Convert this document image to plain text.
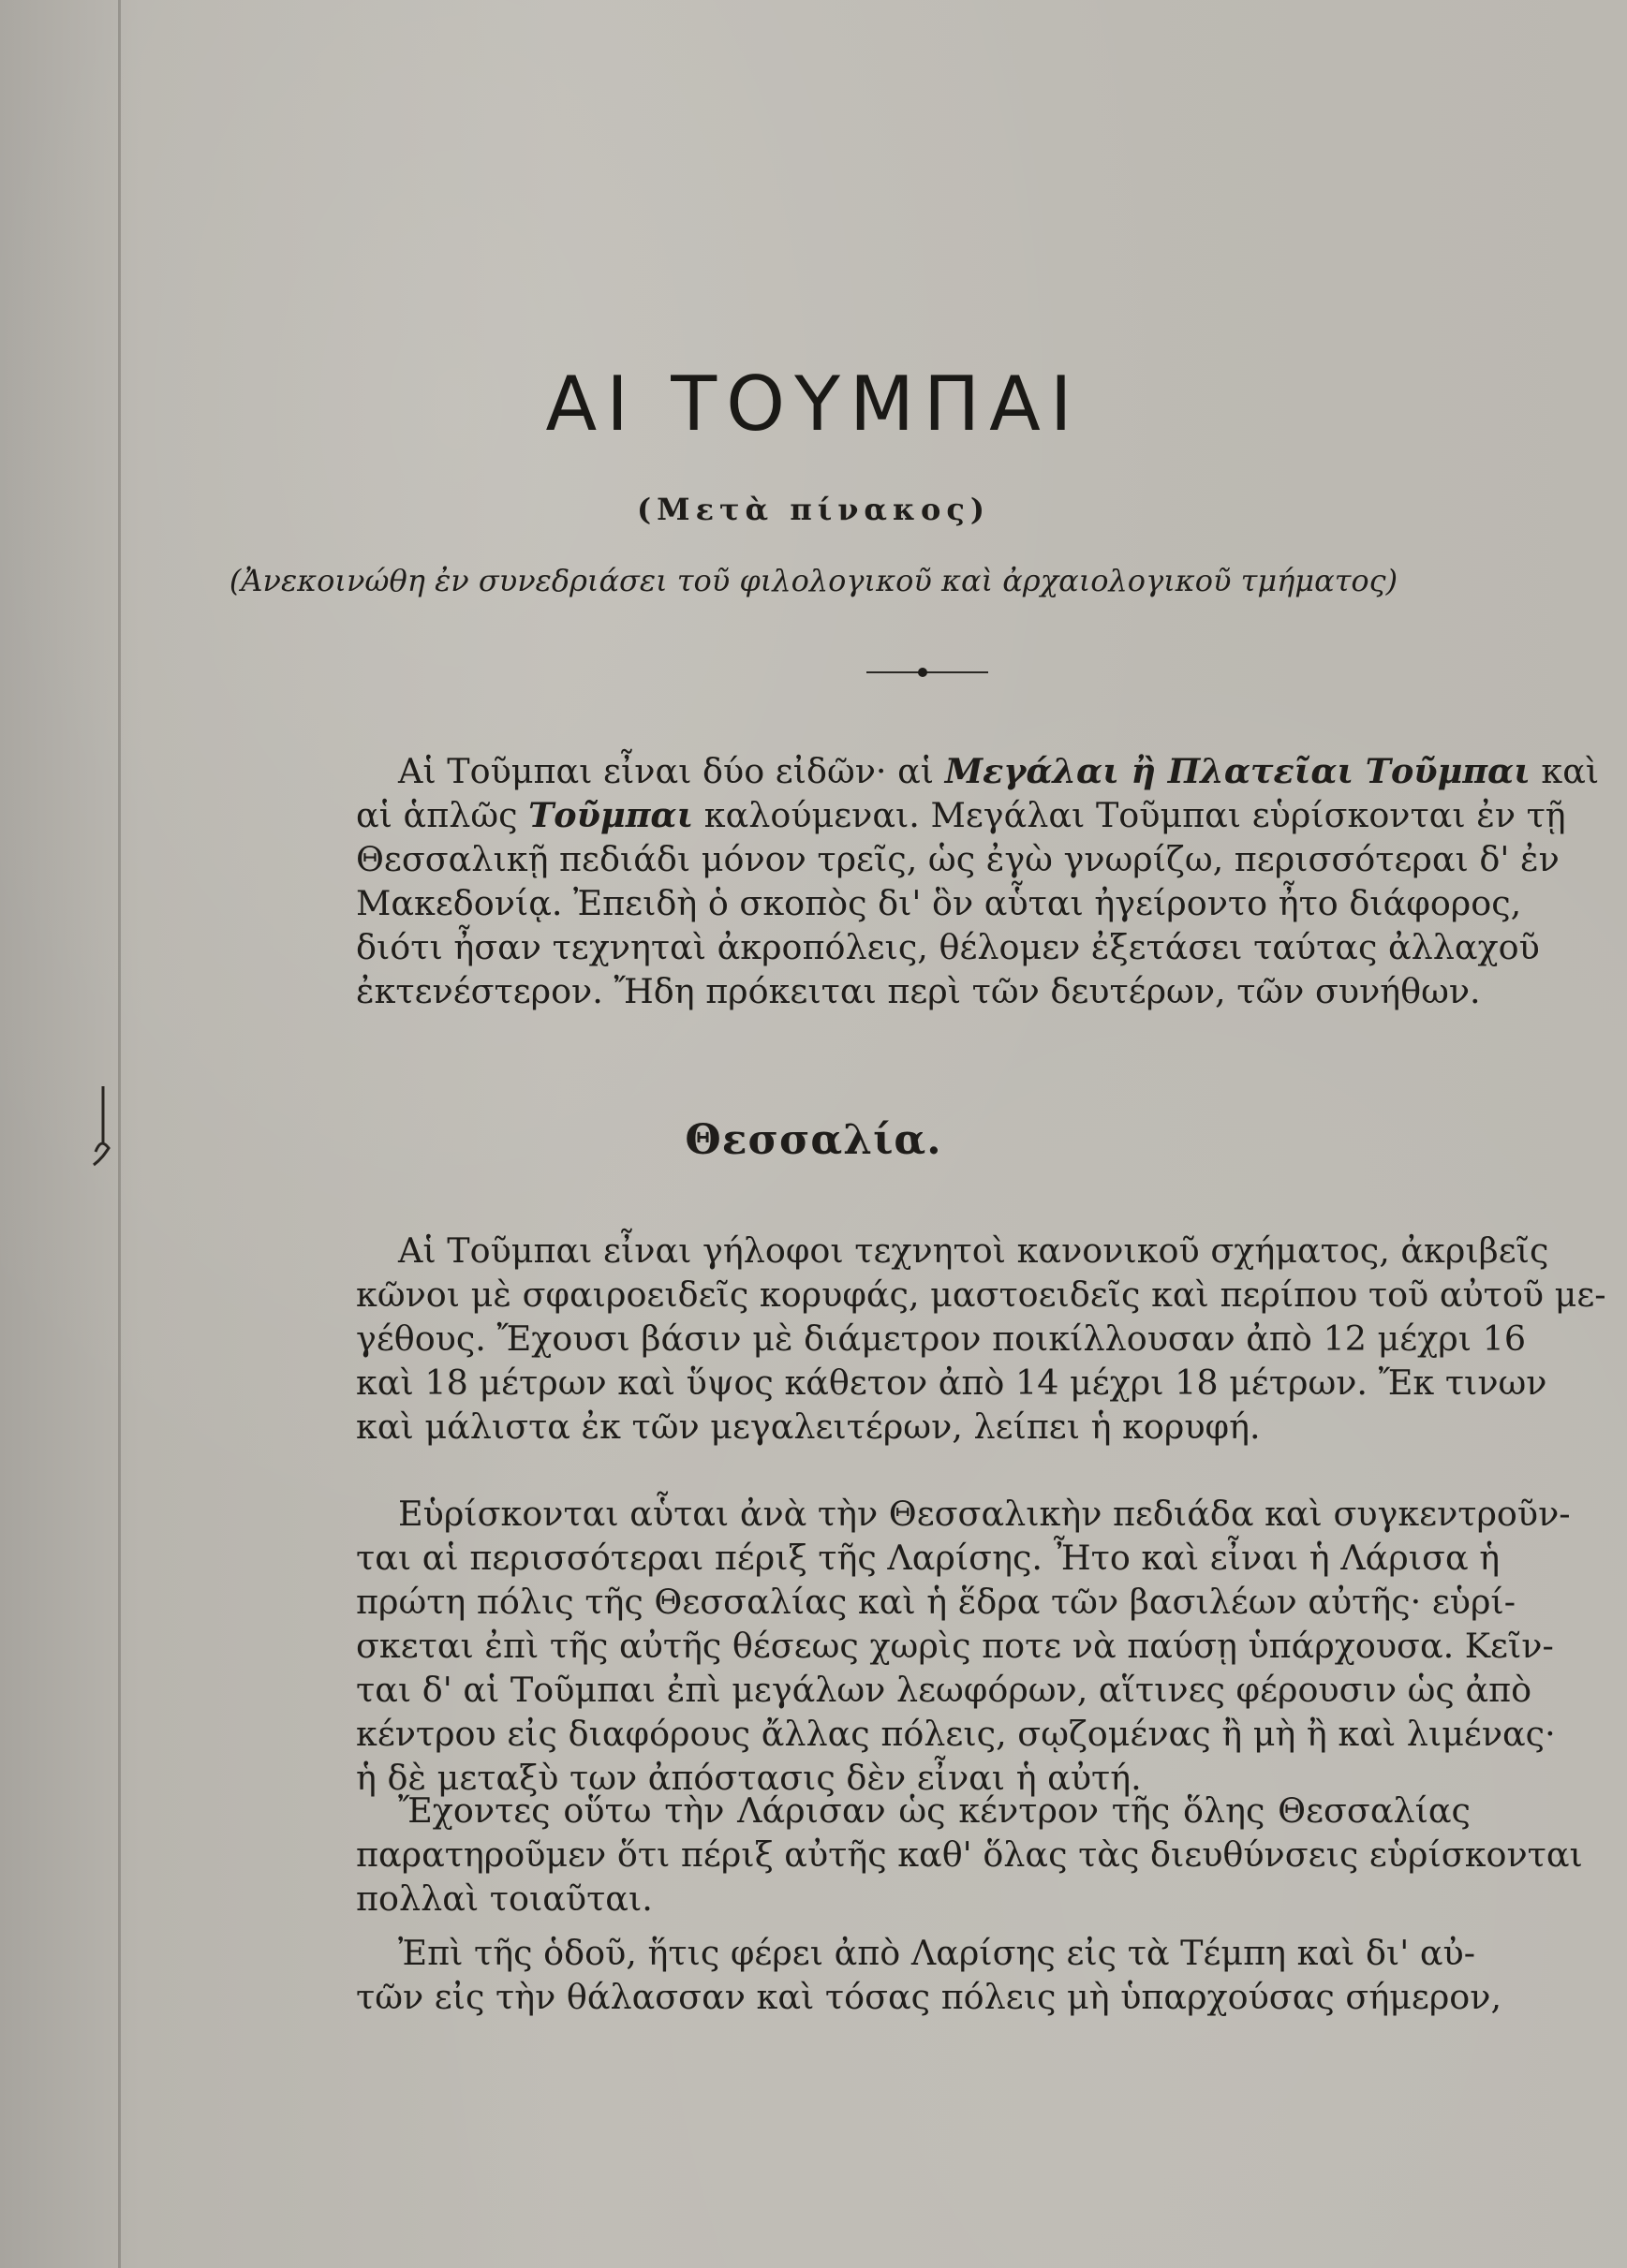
ΑΙ ΤΟΥΜΠΑΙ
(Μετὰ πίνακος)
(Ἀνεκοινώθη ἐν συνεδριάσει τοῦ φιλολογικοῦ καὶ ἀρχαιολογικοῦ τμήματος)
Αἱ Τοῦμπαι εἶναι δύο εἰδῶν· αἱ Μεγάλαι ἢ Πλατεῖαι Τοῦμπαι καὶ
αἱ ἁπλῶς Τοῦμπαι καλούμεναι. Μεγάλαι Τοῦμπαι εὑρίσκονται ἐν τῇ
Θεσσαλικῇ πεδιάδι μόνον τρεῖς, ὡς ἐγὼ γνωρίζω, περισσότεραι δ' ἐν
Μακεδονίᾳ. Ἐπειδὴ ὁ σκοπὸς δι' ὃν αὗται ἠγείροντο ἦτο διάφορος,
διότι ἦσαν τεχνηταὶ ἀκροπόλεις, θέλομεν ἐξετάσει ταύτας ἀλλαχοῦ
ἐκτενέστερον. Ἤδη πρόκειται περὶ τῶν δευτέρων, τῶν συνήθων.
Θεσσαλία.
Αἱ Τοῦμπαι εἶναι γήλοφοι τεχνητοὶ κανονικοῦ σχήματος, ἀκριβεῖς
κῶνοι μὲ σφαιροειδεῖς κορυφάς, μαστοειδεῖς καὶ περίπου τοῦ αὐτοῦ με-
γέθους. Ἔχουσι βάσιν μὲ διάμετρον ποικίλλουσαν ἀπὸ 12 μέχρι 16
καὶ 18 μέτρων καὶ ὕψος κάθετον ἀπὸ 14 μέχρι 18 μέτρων. Ἔκ τινων
καὶ μάλιστα ἐκ τῶν μεγαλειτέρων, λείπει ἡ κορυφή.
Εὑρίσκονται αὗται ἀνὰ τὴν Θεσσαλικὴν πεδιάδα καὶ συγκεντροῦν-
ται αἱ περισσότεραι πέριξ τῆς Λαρίσης. Ἦτο καὶ εἶναι ἡ Λάρισα ἡ
πρώτη πόλις τῆς Θεσσαλίας καὶ ἡ ἕδρα τῶν βασιλέων αὐτῆς· εὑρί-
σκεται ἐπὶ τῆς αὐτῆς θέσεως χωρὶς ποτε νὰ παύσῃ ὑπάρχουσα. Κεῖν-
ται δ' αἱ Τοῦμπαι ἐπὶ μεγάλων λεωφόρων, αἵτινες φέρουσιν ὡς ἀπὸ
κέντρου εἰς διαφόρους ἄλλας πόλεις, σῳζομένας ἢ μὴ ἢ καὶ λιμένας·
ἡ δὲ μεταξὺ των ἀπόστασις δὲν εἶναι ἡ αὐτή.
Ἔχοντες οὕτω τὴν Λάρισαν ὡς κέντρον τῆς ὅλης Θεσσαλίας
παρατηροῦμεν ὅτι πέριξ αὐτῆς καθ' ὅλας τὰς διευθύνσεις εὑρίσκονται
πολλαὶ τοιαῦται.
Ἐπὶ τῆς ὁδοῦ, ἥτις φέρει ἀπὸ Λαρίσης εἰς τὰ Τέμπη καὶ δι' αὐ-
τῶν εἰς τὴν θάλασσαν καὶ τόσας πόλεις μὴ ὑπαρχούσας σήμερον,
